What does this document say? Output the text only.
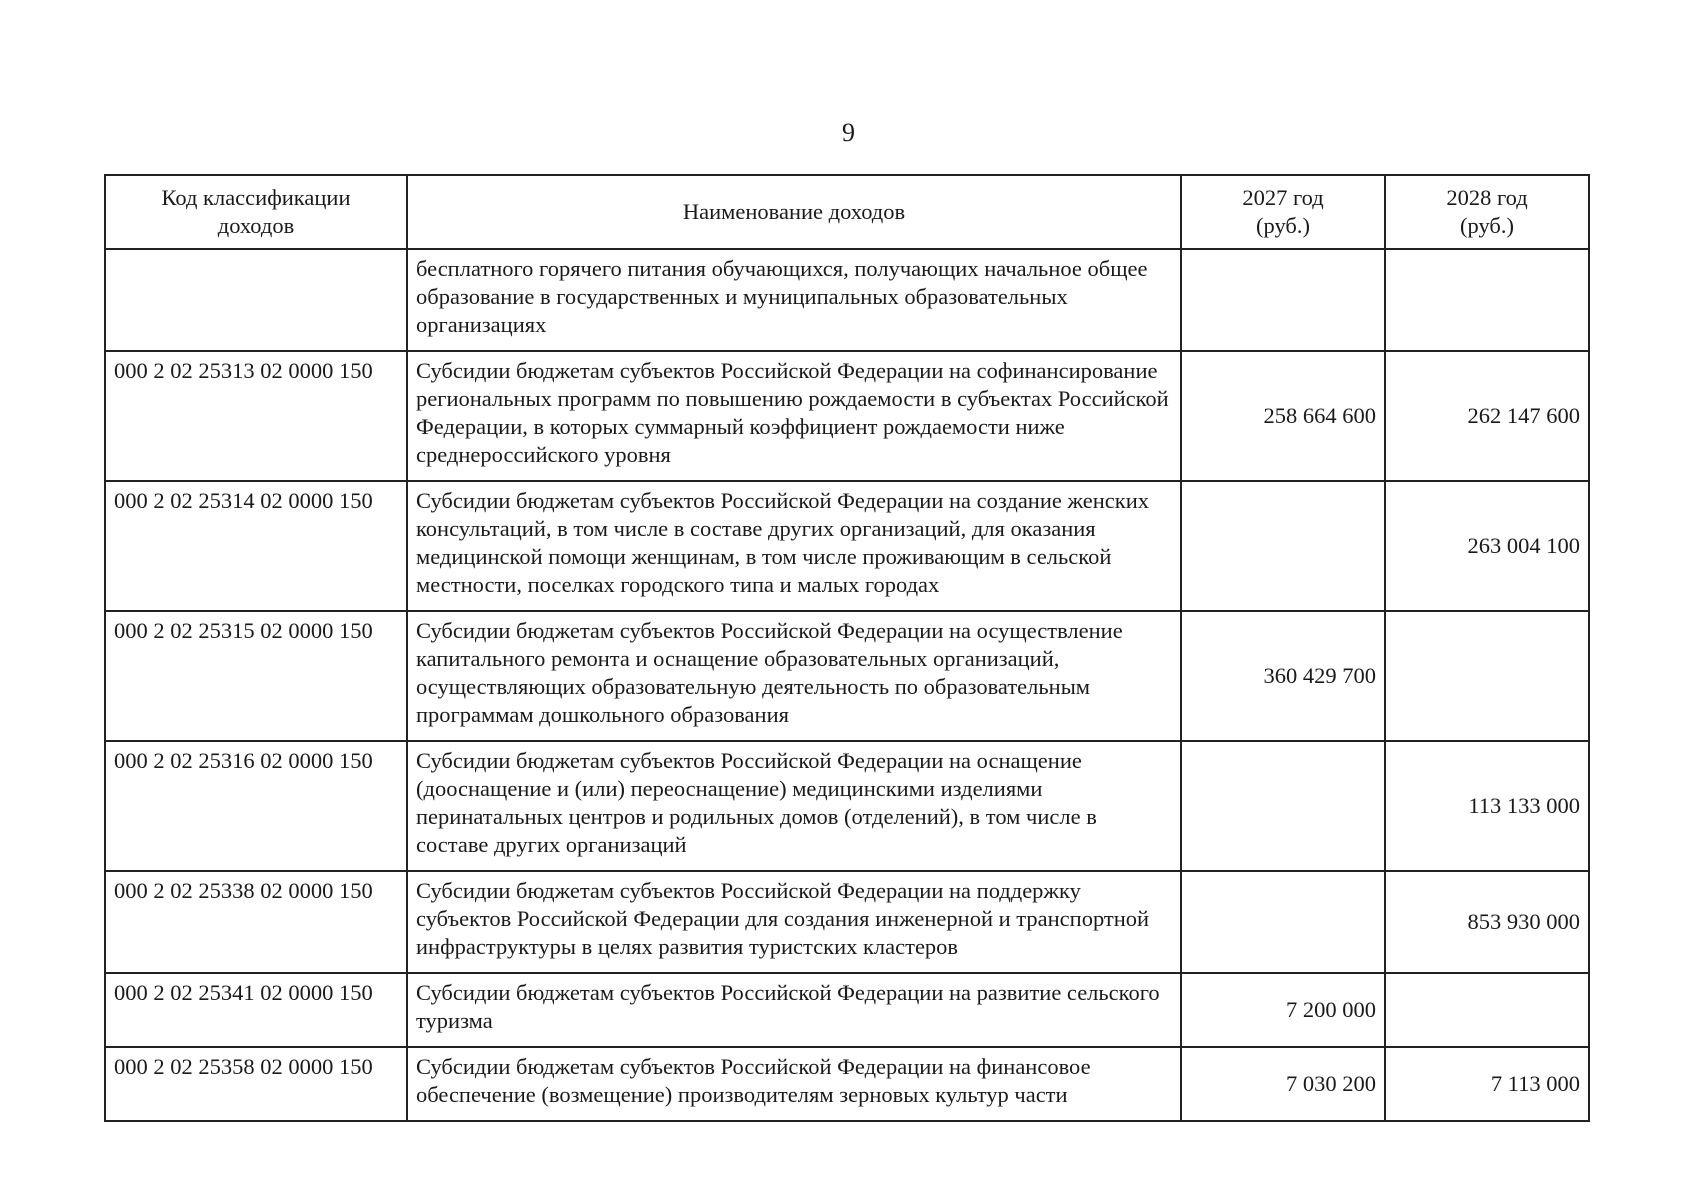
9
Код классификации доходов	Наименование доходов	2027 год (руб.)	2028 год (руб.)
	бесплатного горячего питания обучающихся, получающих начальное общее образование в государственных и муниципальных образовательных организациях		
000 2 02 25313 02 0000 150	Субсидии бюджетам субъектов Российской Федерации на софинансирование региональных программ по повышению рождаемости в субъектах Российской Федерации, в которых суммарный коэффициент рождаемости ниже среднероссийского уровня	258 664 600	262 147 600
000 2 02 25314 02 0000 150	Субсидии бюджетам субъектов Российской Федерации на создание женских консультаций, в том числе в составе других организаций, для оказания медицинской помощи женщинам, в том числе проживающим в сельской местности, поселках городского типа и малых городах		263 004 100
000 2 02 25315 02 0000 150	Субсидии бюджетам субъектов Российской Федерации на осуществление капитального ремонта и оснащение образовательных организаций, осуществляющих образовательную деятельность по образовательным программам дошкольного образования	360 429 700	
000 2 02 25316 02 0000 150	Субсидии бюджетам субъектов Российской Федерации на оснащение (дооснащение и (или) переоснащение) медицинскими изделиями перинатальных центров и родильных домов (отделений), в том числе в составе других организаций		113 133 000
000 2 02 25338 02 0000 150	Субсидии бюджетам субъектов Российской Федерации на поддержку субъектов Российской Федерации для создания инженерной и транспортной инфраструктуры в целях развития туристских кластеров		853 930 000
000 2 02 25341 02 0000 150	Субсидии бюджетам субъектов Российской Федерации на развитие сельского туризма	7 200 000	
000 2 02 25358 02 0000 150	Субсидии бюджетам субъектов Российской Федерации на финансовое обеспечение (возмещение) производителям зерновых культур части	7 030 200	7 113 000
